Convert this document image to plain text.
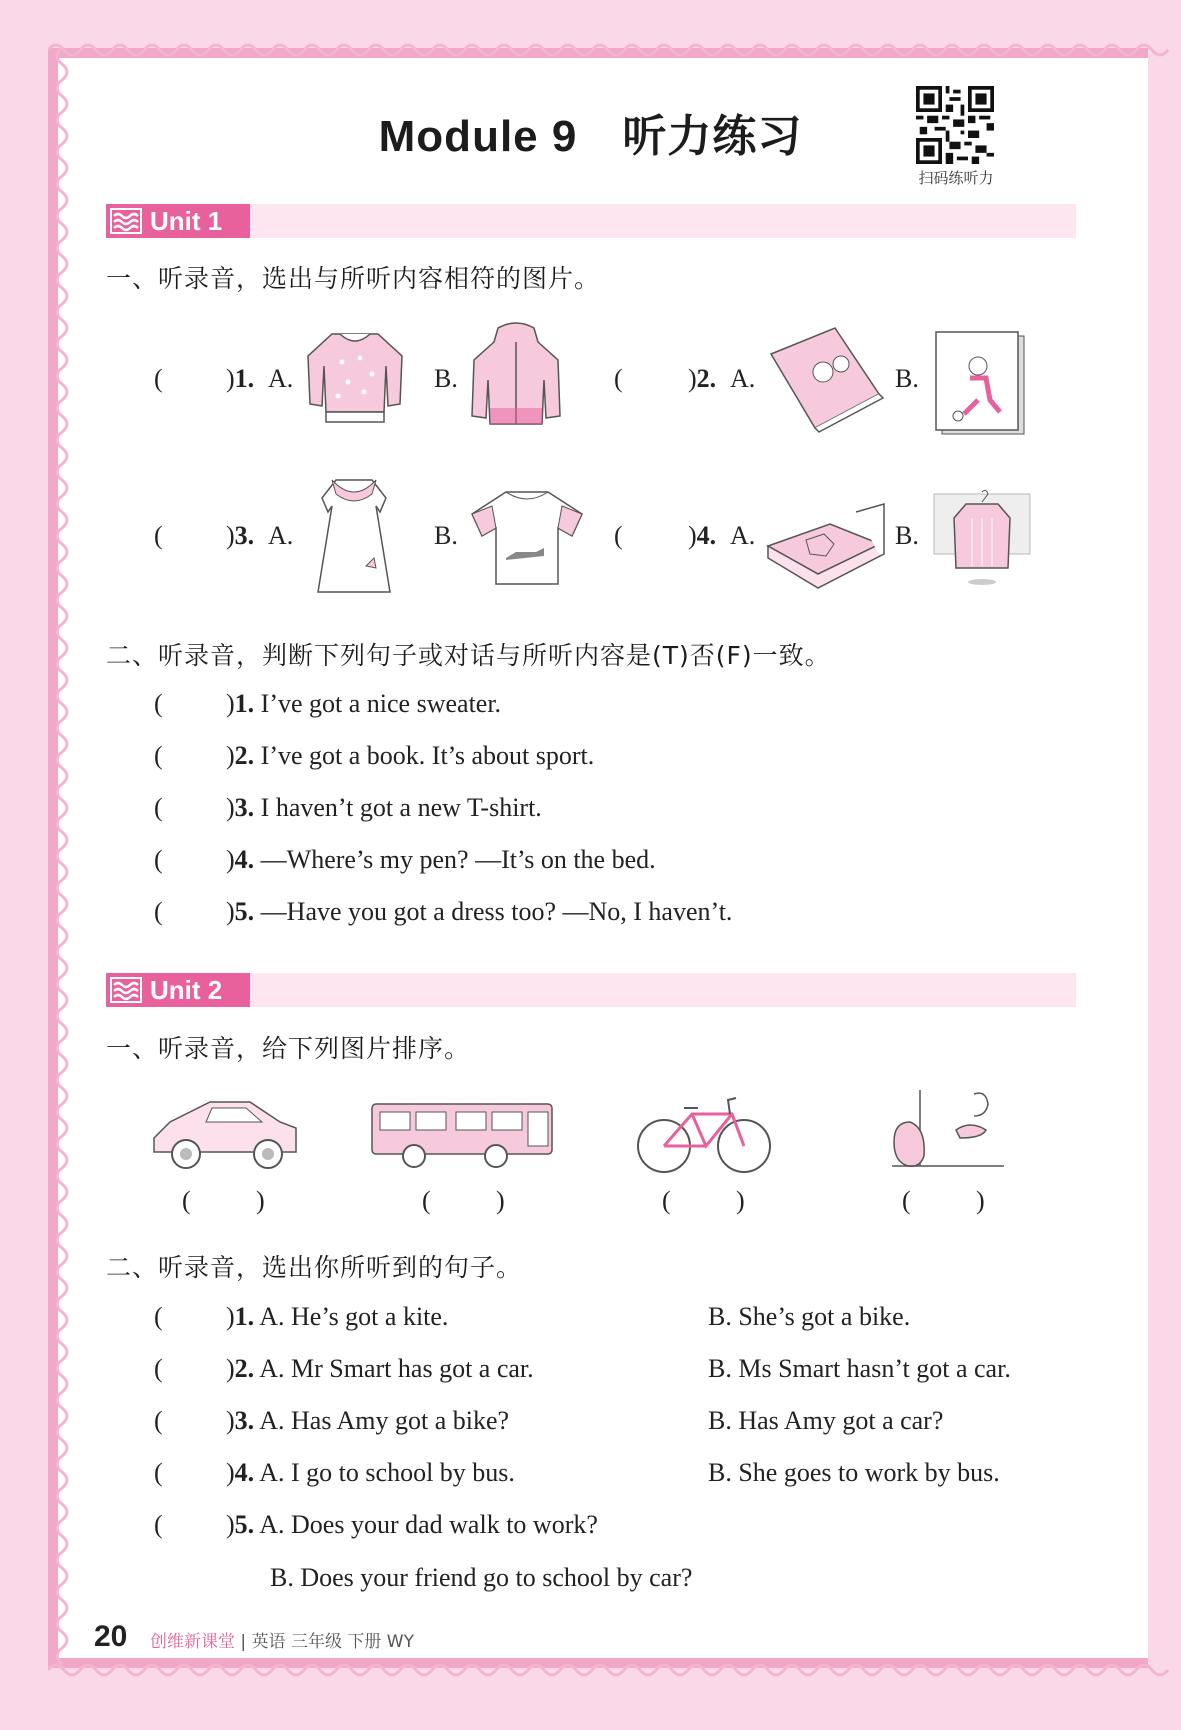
Module 9　听力练习
扫码练听力
Unit 1
一、听录音，选出与所听内容相符的图片。
( )1. A.	B.	(	)2. A.	B.
( )3. A.	B.	(	)4. A.	B.
二、听录音，判断下列句子或对话与所听内容是(T)否(F)一致。
( )1. I’ve got a nice sweater.
( )2. I’ve got a book. It’s about sport.
( )3. I haven’t got a new T-shirt.
( )4. —Where’s my pen? —It’s on the bed.
( )5. —Have you got a dress too? —No, I haven’t.
Unit 2
一、听录音，给下列图片排序。
(	)	(	)	(	)	(	)
二、听录音，选出你所听到的句子。
( )1. A. He’s got a kite.	B. She’s got a bike.
( )2. A. Mr Smart has got a car.	B. Ms Smart hasn’t got a car.
( )3. A. Has Amy got a bike?	B. Has Amy got a car?
( )4. A. I go to school by bus.	B. She goes to work by bus.
( )5. A. Does your dad walk to work?
B. Does your friend go to school by car?
20 创维新课堂 | 英语 三年级 下册 WY
